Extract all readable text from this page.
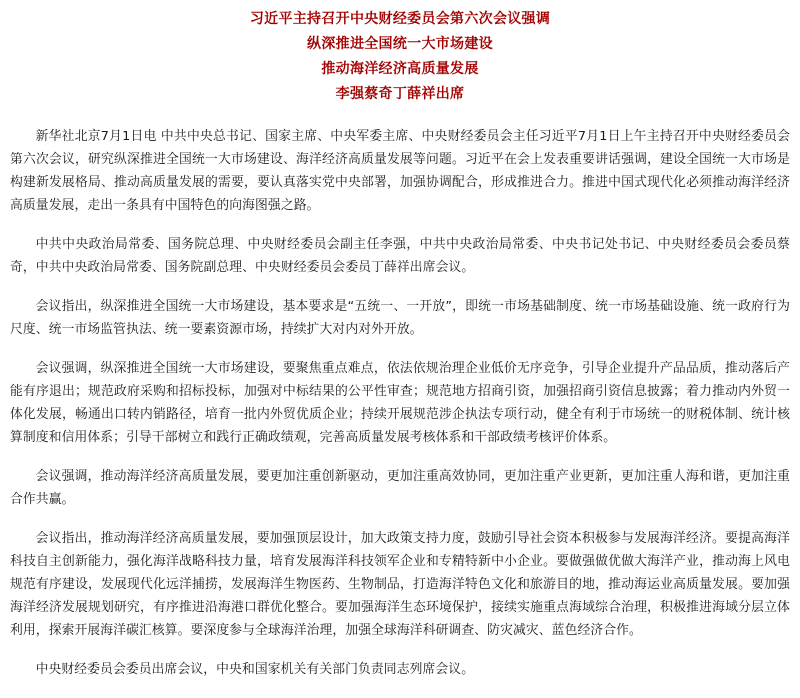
习近平主持召开中央财经委员会第六次会议强调
纵深推进全国统一大市场建设
推动海洋经济高质量发展
李强蔡奇丁薛祥出席

新华社北京7月1日电 中共中央总书记、国家主席、中央军委主席、中央财经委员会主任习近平7月1日上午主持召开中央财经委员会第六次会议，研究纵深推进全国统一大市场建设、海洋经济高质量发展等问题。习近平在会上发表重要讲话强调，建设全国统一大市场是构建新发展格局、推动高质量发展的需要，要认真落实党中央部署，加强协调配合，形成推进合力。推进中国式现代化必须推动海洋经济高质量发展，走出一条具有中国特色的向海图强之路。

中共中央政治局常委、国务院总理、中央财经委员会副主任李强，中共中央政治局常委、中央书记处书记、中央财经委员会委员蔡奇，中共中央政治局常委、国务院副总理、中央财经委员会委员丁薛祥出席会议。

会议指出，纵深推进全国统一大市场建设，基本要求是“五统一、一开放”，即统一市场基础制度、统一市场基础设施、统一政府行为尺度、统一市场监管执法、统一要素资源市场，持续扩大对内对外开放。

会议强调，纵深推进全国统一大市场建设，要聚焦重点难点，依法依规治理企业低价无序竞争，引导企业提升产品品质，推动落后产能有序退出；规范政府采购和招标投标，加强对中标结果的公平性审查；规范地方招商引资，加强招商引资信息披露；着力推动内外贸一体化发展，畅通出口转内销路径，培育一批内外贸优质企业；持续开展规范涉企执法专项行动，健全有利于市场统一的财税体制、统计核算制度和信用体系；引导干部树立和践行正确政绩观，完善高质量发展考核体系和干部政绩考核评价体系。

会议强调，推动海洋经济高质量发展，要更加注重创新驱动，更加注重高效协同，更加注重产业更新，更加注重人海和谐，更加注重合作共赢。

会议指出，推动海洋经济高质量发展，要加强顶层设计，加大政策支持力度，鼓励引导社会资本积极参与发展海洋经济。要提高海洋科技自主创新能力，强化海洋战略科技力量，培育发展海洋科技领军企业和专精特新中小企业。要做强做优做大海洋产业，推动海上风电规范有序建设，发展现代化远洋捕捞，发展海洋生物医药、生物制品，打造海洋特色文化和旅游目的地，推动海运业高质量发展。要加强海洋经济发展规划研究，有序推进沿海港口群优化整合。要加强海洋生态环境保护，接续实施重点海域综合治理，积极推进海域分层立体利用，探索开展海洋碳汇核算。要深度参与全球海洋治理，加强全球海洋科研调查、防灾减灾、蓝色经济合作。

中央财经委员会委员出席会议，中央和国家机关有关部门负责同志列席会议。
